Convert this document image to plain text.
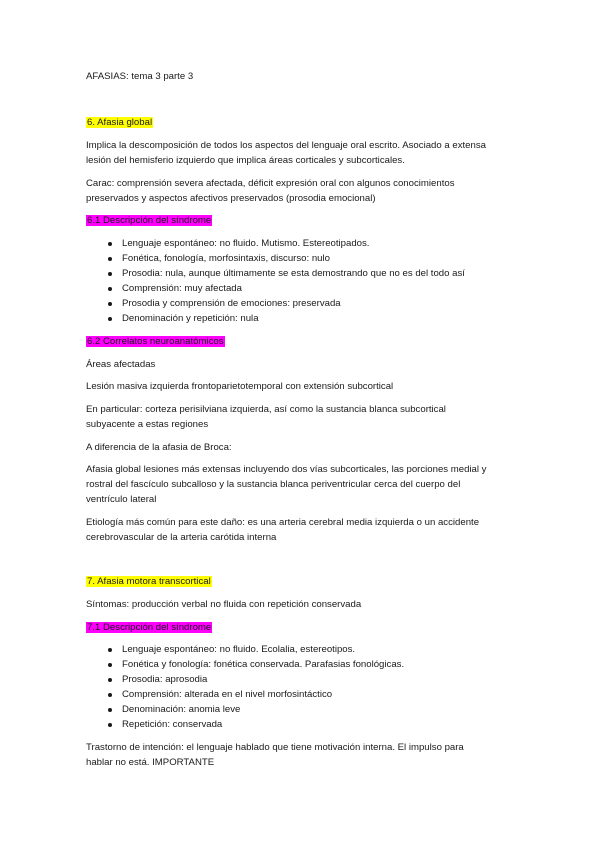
AFASIAS: tema 3 parte 3
6. Afasia global
Implica la descomposición de todos los aspectos del lenguaje oral escrito. Asociado a extensa
lesión del hemisferio izquierdo que implica áreas corticales y subcorticales.
Carac: comprensión severa afectada, déficit expresión oral con algunos conocimientos
preservados y aspectos afectivos preservados (prosodia emocional)
6.1 Descripción del síndrome
Lenguaje espontáneo: no fluido. Mutismo. Estereotipados.
Fonética, fonología, morfosintaxis, discurso: nulo
Prosodia: nula, aunque últimamente se esta demostrando que no es del todo así
Comprensión: muy afectada
Prosodia y comprensión de emociones: preservada
Denominación y repetición: nula
6.2 Correlatos neuroanatómicos
Áreas afectadas
Lesión masiva izquierda frontoparietotemporal con extensión subcortical
En particular: corteza perisilviana izquierda, así como la sustancia blanca subcortical
subyacente a estas regiones
A diferencia de la afasia de Broca:
Afasia global lesiones más extensas incluyendo dos vías subcorticales, las porciones medial y
rostral del fascículo subcalloso y la sustancia blanca periventricular cerca del cuerpo del
ventrículo lateral
Etiología más común para este daño: es una arteria cerebral media izquierda o un accidente
cerebrovascular de la arteria carótida interna
7. Afasia motora transcortical
Síntomas: producción verbal no fluida con repetición conservada
7.1 Descripción del síndrome
Lenguaje espontáneo: no fluido. Ecolalia, estereotipos.
Fonética y fonología: fonética conservada. Parafasias fonológicas.
Prosodia: aprosodia
Comprensión: alterada en el nivel morfosintáctico
Denominación: anomia leve
Repetición: conservada
Trastorno de intención: el lenguaje hablado que tiene motivación interna. El impulso para
hablar no está. IMPORTANTE
